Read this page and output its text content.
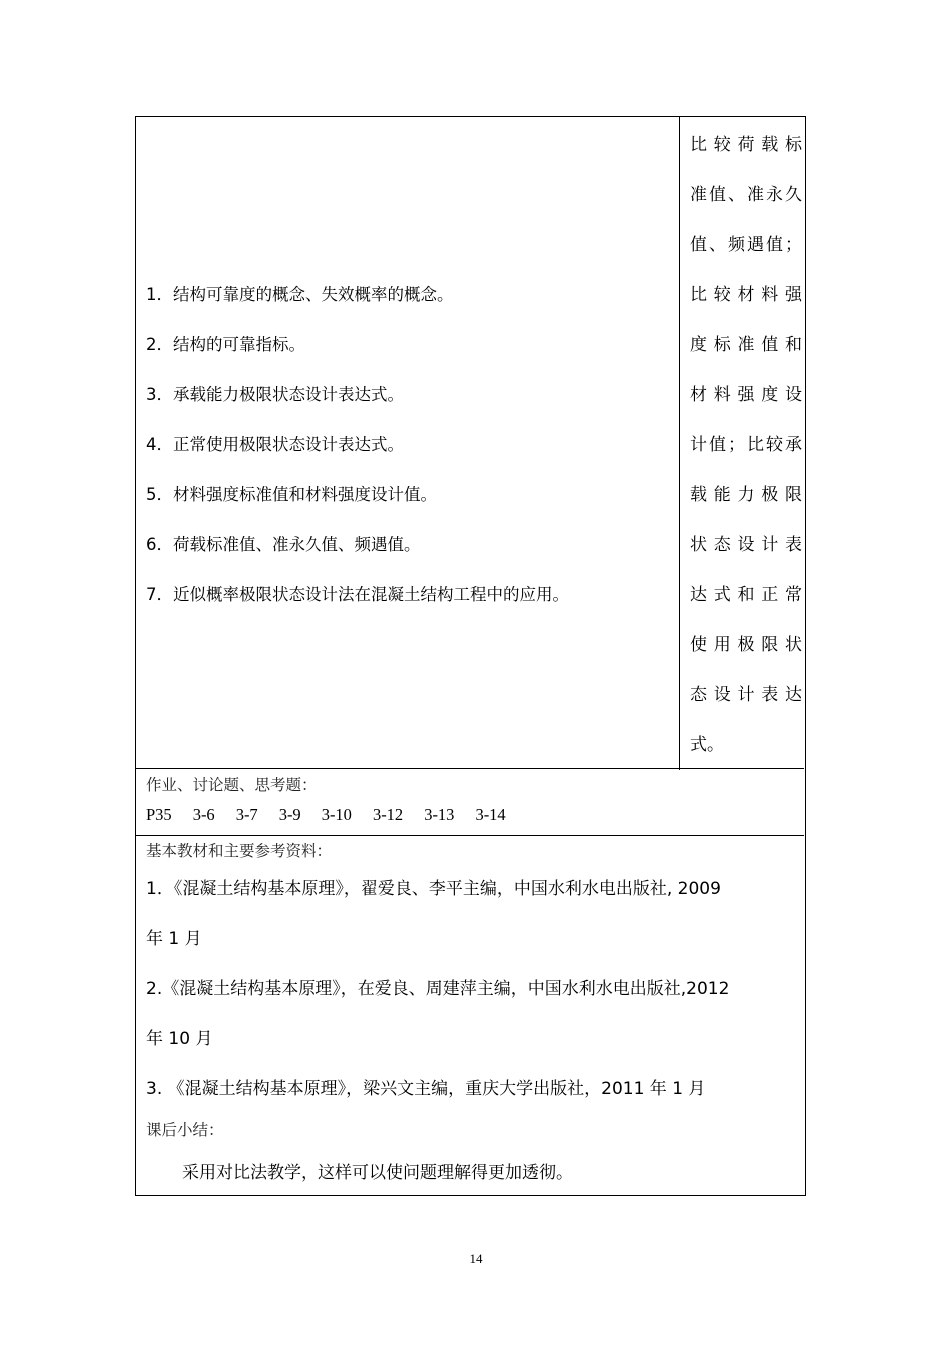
1．结构可靠度的概念、失效概率的概念。
2．结构的可靠指标。
3．承载能力极限状态设计表达式。
4．正常使用极限状态设计表达式。
5．材料强度标准值和材料强度设计值。
6．荷载标准值、准永久值、频遇值。
7．近似概率极限状态设计法在混凝土结构工程中的应用。
比较荷载标
准值、准永久
值、频遇值；
比较材料强
度标准值和
材料强度设
计值；比较承
载能力极限
状态设计表
达式和正常
使用极限状
态设计表达
式。
作业、讨论题、思考题：
P35 3-6 3-7 3-9 3-10 3-12 3-13 3-14
基本教材和主要参考资料：
1．《混凝土结构基本原理》，翟爱良、李平主编，中国水利水电出版社, 2009
年 1 月
2.《混凝土结构基本原理》，在爱良、周建萍主编，中国水利水电出版社,2012
年 10 月
3. 《混凝土结构基本原理》，梁兴文主编，重庆大学出版社，2011 年 1 月
课后小结：
采用对比法教学，这样可以使问题理解得更加透彻。
14
